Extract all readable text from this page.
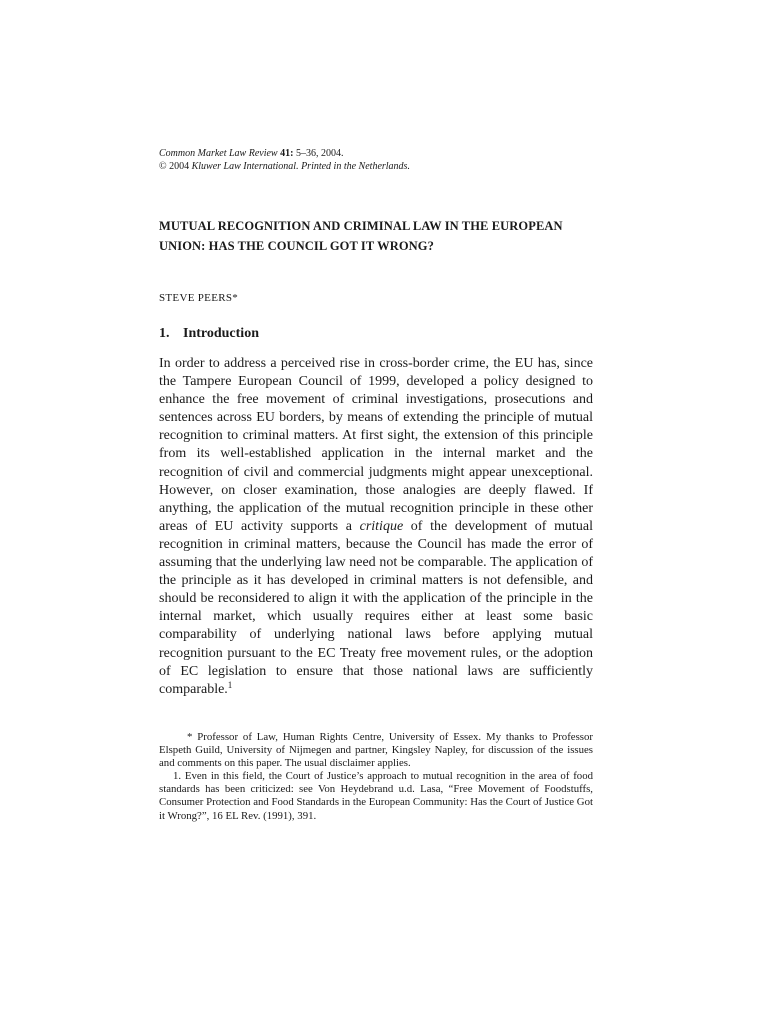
Common Market Law Review 41: 5–36, 2004.
© 2004 Kluwer Law International. Printed in the Netherlands.
MUTUAL RECOGNITION AND CRIMINAL LAW IN THE EUROPEAN
UNION: HAS THE COUNCIL GOT IT WRONG?
STEVE PEERS*
1. Introduction
In order to address a perceived rise in cross-border crime, the EU has, since the Tampere European Council of 1999, developed a policy designed to enhance the free movement of criminal investigations, prosecutions and sentences across EU borders, by means of extending the principle of mutual recognition to criminal matters. At first sight, the extension of this principle from its well-established application in the internal market and the recognition of civil and commercial judgments might appear unexceptional. However, on closer examination, those analogies are deeply flawed. If anything, the application of the mutual recognition principle in these other areas of EU activity supports a critique of the development of mutual recognition in criminal matters, because the Council has made the error of assuming that the underlying law need not be comparable. The application of the principle as it has developed in criminal matters is not defensible, and should be reconsidered to align it with the application of the principle in the internal market, which usually requires either at least some basic comparability of underlying national laws before applying mutual recognition pursuant to the EC Treaty free movement rules, or the adoption of EC legislation to ensure that those national laws are sufficiently comparable.$^1$

* Professor of Law, Human Rights Centre, University of Essex. My thanks to Professor Elspeth Guild, University of Nijmegen and partner, Kingsley Napley, for discussion of the issues and comments on this paper. The usual disclaimer applies.

1. Even in this field, the Court of Justice’s approach to mutual recognition in the area of food standards has been criticized: see Von Heydebrand u.d. Lasa, “Free Movement of Foodstuffs, Consumer Protection and Food Standards in the European Community: Has the Court of Justice Got it Wrong?”, 16 EL Rev. (1991), 391.
